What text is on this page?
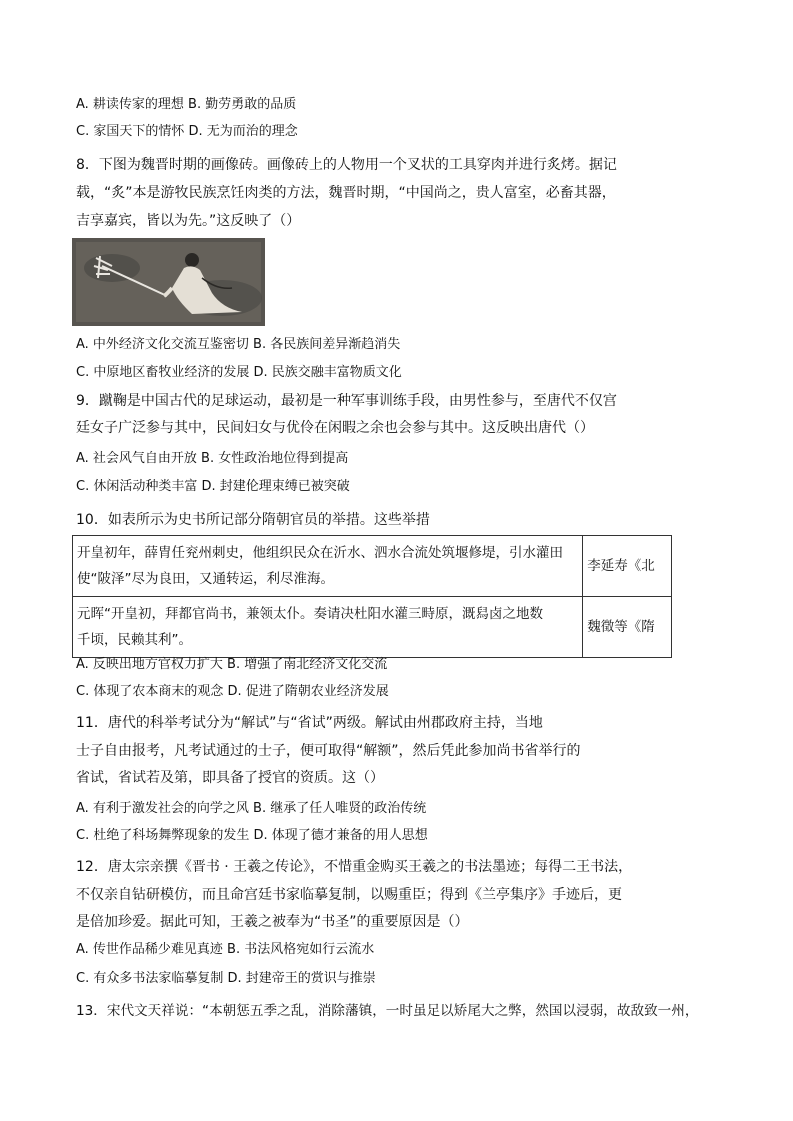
A. 耕读传家的理想 B. 勤劳勇敢的品质
C. 家国天下的情怀 D. 无为而治的理念
8．下图为魏晋时期的画像砖。画像砖上的人物用一个叉状的工具穿肉并进行炙烤。据记
载，“炙”本是游牧民族烹饪肉类的方法，魏晋时期，“中国尚之，贵人富室，必畜其器，
吉享嘉宾，皆以为先。”这反映了（）
A. 中外经济文化交流互鉴密切 B. 各民族间差异渐趋消失
C. 中原地区畜牧业经济的发展 D. 民族交融丰富物质文化
9．蹴鞠是中国古代的足球运动，最初是一种军事训练手段，由男性参与，至唐代不仅宫
廷女子广泛参与其中，民间妇女与优伶在闲暇之余也会参与其中。这反映出唐代（）
A. 社会风气自由开放 B. 女性政治地位得到提高
C. 休闲活动种类丰富 D. 封建伦理束缚已被突破
10．如表所示为史书所记部分隋朝官员的举措。这些举措
开皇初年，薛胄任兖州刺史，他组织民众在沂水、泗水合流处筑堰修堤，引水灌田
使“陂泽”尽为良田，又通转运，利尽淮海。	李延寿《北

元晖“开皇初，拜都官尚书，兼领太仆。奏请决杜阳水灌三畤原，溉舄卤之地数
千顷，民赖其利”。	魏徵等《隋
A. 反映出地方官权力扩大 B. 增强了南北经济文化交流
C. 体现了农本商末的观念 D. 促进了隋朝农业经济发展
11．唐代的科举考试分为“解试”与“省试”两级。解试由州郡政府主持，当地
士子自由报考，凡考试通过的士子，便可取得“解额”，然后凭此参加尚书省举行的
省试，省试若及第，即具备了授官的资质。这（）
A. 有利于激发社会的向学之风 B. 继承了任人唯贤的政治传统
C. 杜绝了科场舞弊现象的发生 D. 体现了德才兼备的用人思想
12．唐太宗亲撰《晋书 · 王羲之传论》，不惜重金购买王羲之的书法墨迹；每得二王书法，
不仅亲自钻研模仿，而且命宫廷书家临摹复制，以赐重臣；得到《兰亭集序》手迹后，更
是倍加珍爱。据此可知，王羲之被奉为“书圣”的重要原因是（）
A. 传世作品稀少难见真迹 B. 书法风格宛如行云流水
C. 有众多书法家临摹复制 D. 封建帝王的赏识与推崇
13．宋代文天祥说：“本朝惩五季之乱，消除藩镇，一时虽足以矫尾大之弊，然国以浸弱，故敌致一州，
